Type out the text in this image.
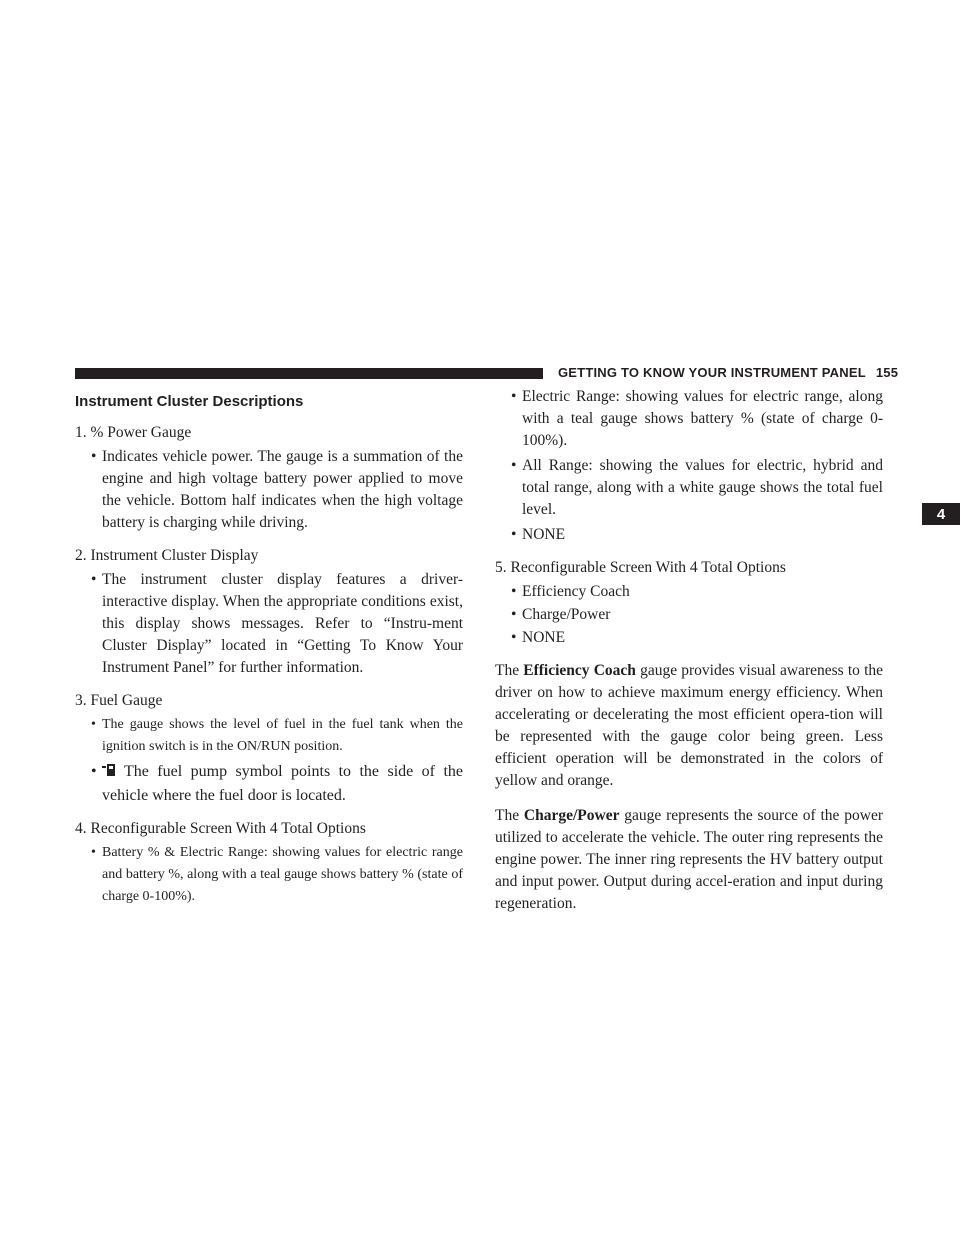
GETTING TO KNOW YOUR INSTRUMENT PANEL 155
4
Instrument Cluster Descriptions

1. % Power Gauge

• Indicates vehicle power. The gauge is a summation of the engine and high voltage battery power applied to move the vehicle. Bottom half indicates when the high voltage battery is charging while driving.

2. Instrument Cluster Display

• The instrument cluster display features a driver-interactive display. When the appropriate conditions exist, this display shows messages. Refer to “Instru-ment Cluster Display” located in “Getting To Know Your Instrument Panel” for further information.

3. Fuel Gauge

• The gauge shows the level of fuel in the fuel tank when the ignition switch is in the ON/RUN position.
• The fuel pump symbol points to the side of the vehicle where the fuel door is located.

4. Reconfigurable Screen With 4 Total Options

• Battery % & Electric Range: showing values for electric range and battery %, along with a teal gauge shows battery % (state of charge 0-100%).
• Electric Range: showing values for electric range, along with a teal gauge shows battery % (state of charge 0-100%).
• All Range: showing the values for electric, hybrid and total range, along with a white gauge shows the total fuel level.
• NONE

5. Reconfigurable Screen With 4 Total Options

• Efficiency Coach
• Charge/Power
• NONE

The Efficiency Coach gauge provides visual awareness to the driver on how to achieve maximum energy efficiency. When accelerating or decelerating the most efficient opera-tion will be represented with the gauge color being green. Less efficient operation will be demonstrated in the colors of yellow and orange.

The Charge/Power gauge represents the source of the power utilized to accelerate the vehicle. The outer ring represents the engine power. The inner ring represents the HV battery output and input power. Output during accel-eration and input during regeneration.
